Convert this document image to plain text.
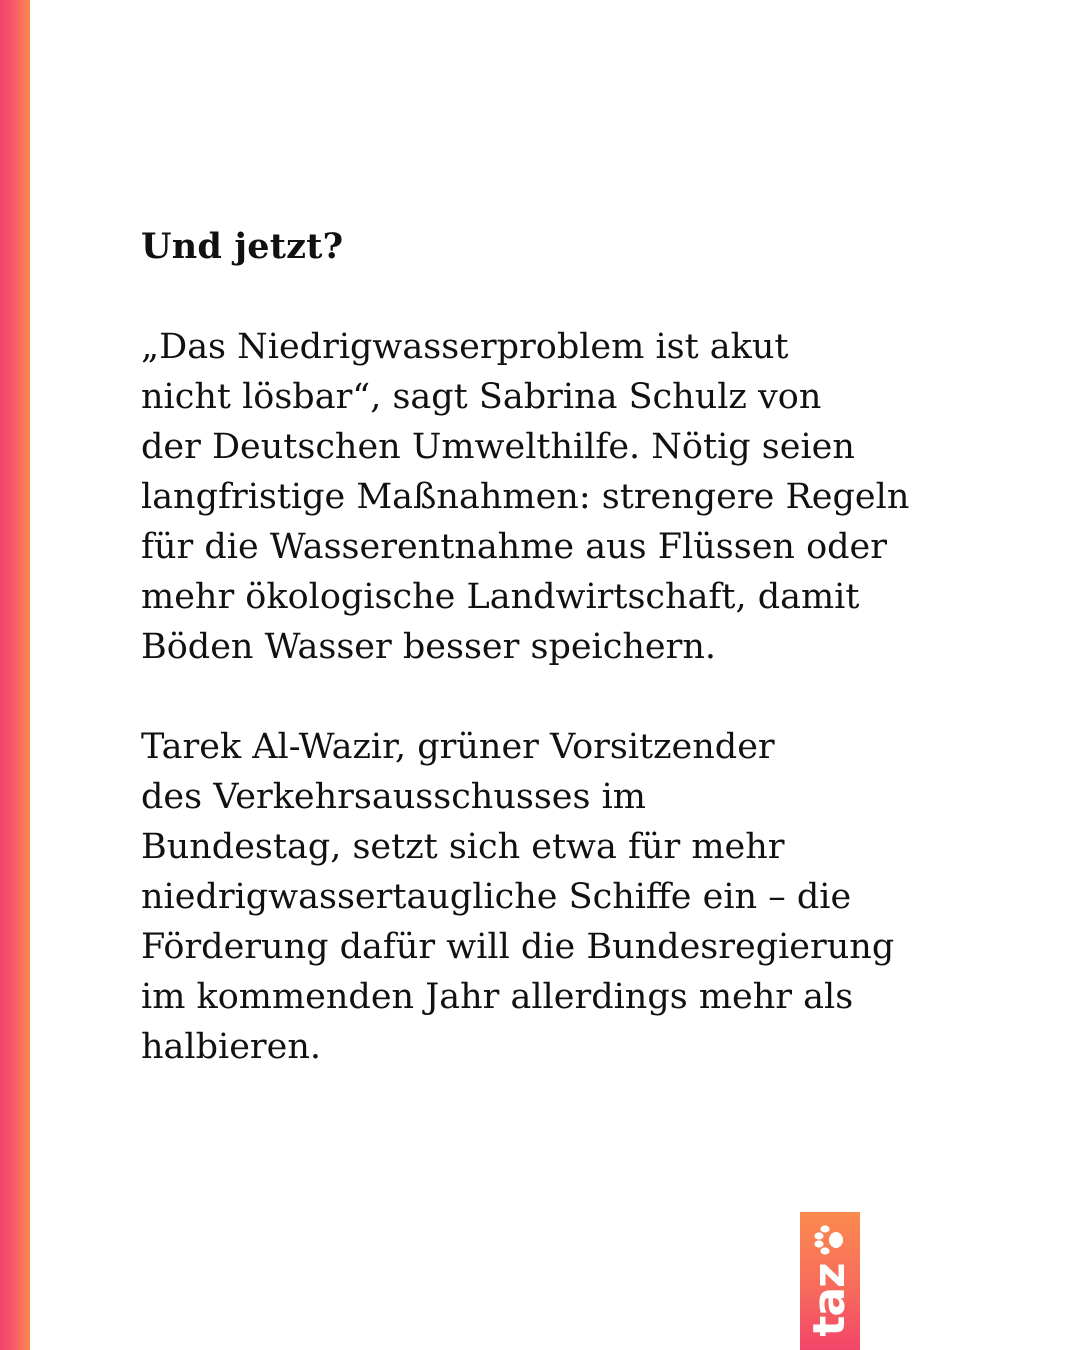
Und jetzt?

„Das Niedrigwasserproblem ist akut
nicht lösbar“, sagt Sabrina Schulz von
der Deutschen Umwelthilfe. Nötig seien
langfristige Maßnahmen: strengere Regeln
für die Wasserentnahme aus Flüssen oder
mehr ökologische Landwirtschaft, damit
Böden Wasser besser speichern.

Tarek Al-Wazir, grüner Vorsitzender
des Verkehrsausschusses im
Bundestag, setzt sich etwa für mehr
niedrigwassertaugliche Schiffe ein – die
Förderung dafür will die Bundesregierung
im kommenden Jahr allerdings mehr als
halbieren.

taz
